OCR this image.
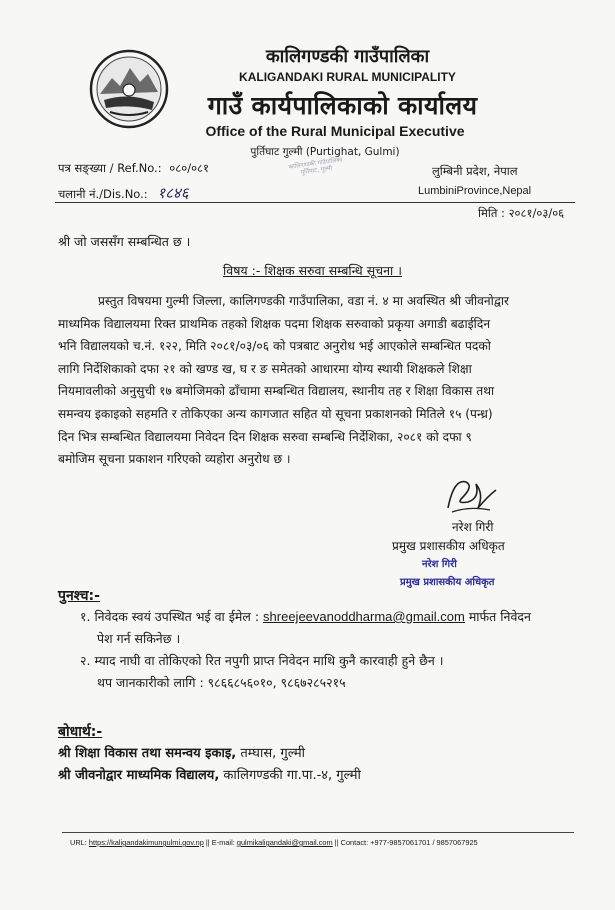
कालिगण्डकी गाउँपालिका
KALIGANDAKI RURAL MUNICIPALITY
गाउँ कार्यपालिकाको कार्यालय
Office of the Rural Municipal Executive
पुर्तिघाट गुल्मी (Purtighat, Gulmi)
पत्र सङ्ख्या / Ref.No.: ०८०/०८१
चलानी नं./Dis.No.: १८४६
कालिगण्डकी गाउँपालिका पुर्तिघाट, गुल्मी	लुम्बिनी प्रदेश, नेपाल
LumbiniProvince,Nepal
मिति : २०८१/०३/०६
श्री जो जससँग सम्बन्धित छ ।
विषय :- शिक्षक सरुवा सम्बन्धि सूचना ।
प्रस्तुत विषयमा गुल्मी जिल्ला, कालिगण्डकी गाउँपालिका, वडा नं. ४ मा अवस्थित श्री जीवनोद्वार
माध्यमिक विद्यालयमा रिक्त प्राथमिक तहको शिक्षक पदमा शिक्षक सरुवाको प्रकृया अगाडी बढाईदिन
भनि विद्यालयको च.नं. १२२, मिति २०८१/०३/०६ को पत्रबाट अनुरोध भई आएकोले सम्बन्धित पदको
लागि निर्देशिकाको दफा २१ को खण्ड ख, घ र ङ समेतको आधारमा योग्य स्थायी शिक्षकले शिक्षा
नियमावलीको अनुसुची १७ बमोजिमको ढाँचामा सम्बन्धित विद्यालय, स्थानीय तह र शिक्षा विकास तथा
समन्वय इकाइको सहमति र तोकिएका अन्य कागजात सहित यो सूचना प्रकाशनको मितिले १५ (पन्ध्र)
दिन भित्र सम्बन्धित विद्यालयमा निवेदन दिन शिक्षक सरुवा सम्बन्धि निर्देशिका, २०८१ को दफा ९
बमोजिम सूचना प्रकाशन गरिएको व्यहोरा अनुरोध छ ।
नरेश गिरी
प्रमुख प्रशासकीय अधिकृत
नरेश गिरी
प्रमुख प्रशासकीय अधिकृत
पुनश्च:-
१. निवेदक स्वयं उपस्थित भई वा ईमेल : shreejeevanoddharma@gmail.com मार्फत निवेदन
पेश गर्न सकिनेछ ।
२. म्याद नाघी वा तोकिएको रित नपुगी प्राप्त निवेदन माथि कुनै कारवाही हुने छैन ।
थप जानकारीको लागि : ९८६६८५६०१०, ९८६७२८५२१५
बोधार्थ:-
श्री शिक्षा विकास तथा समन्वय इकाइ, तम्घास, गुल्मी
श्री जीवनोद्वार माध्यमिक विद्यालय, कालिगण्डकी गा.पा.-४, गुल्मी
URL: https://kaligandakimungulmi.gov.np || E-mail: gulmikaligandaki@gmail.com || Contact: +977-9857061701 / 9857067925
